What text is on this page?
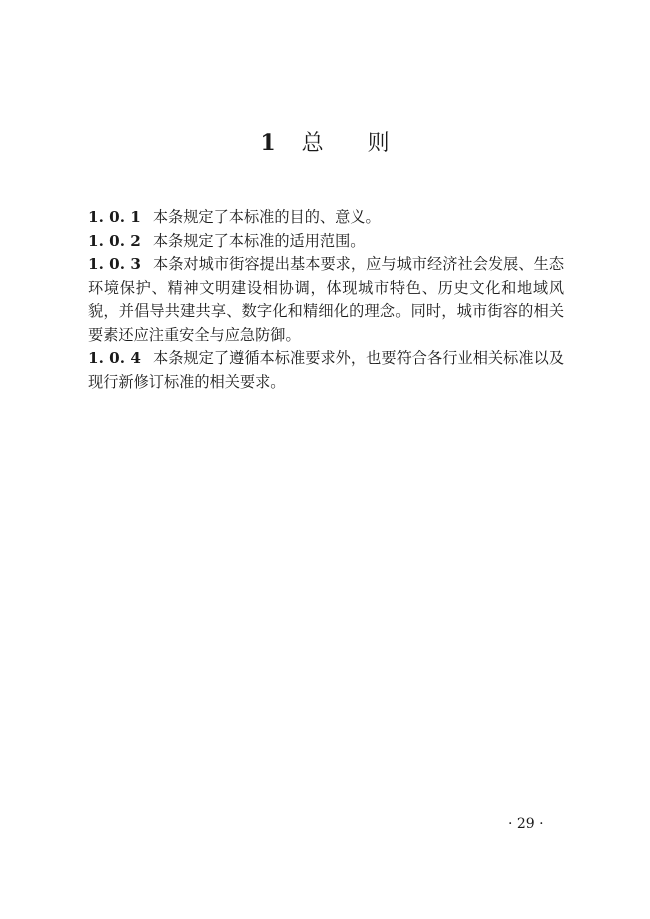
1 总 则

1. 0. 1 本条规定了本标准的目的、意义。

1. 0. 2 本条规定了本标准的适用范围。

1. 0. 3 本条对城市街容提出基本要求，应与城市经济社会发展、生态环境保护、精神文明建设相协调，体现城市特色、历史文化和地域风貌，并倡导共建共享、数字化和精细化的理念。同时，城市街容的相关要素还应注重安全与应急防御。

1. 0. 4 本条规定了遵循本标准要求外，也要符合各行业相关标准以及现行新修订标准的相关要求。

· 29 ·
